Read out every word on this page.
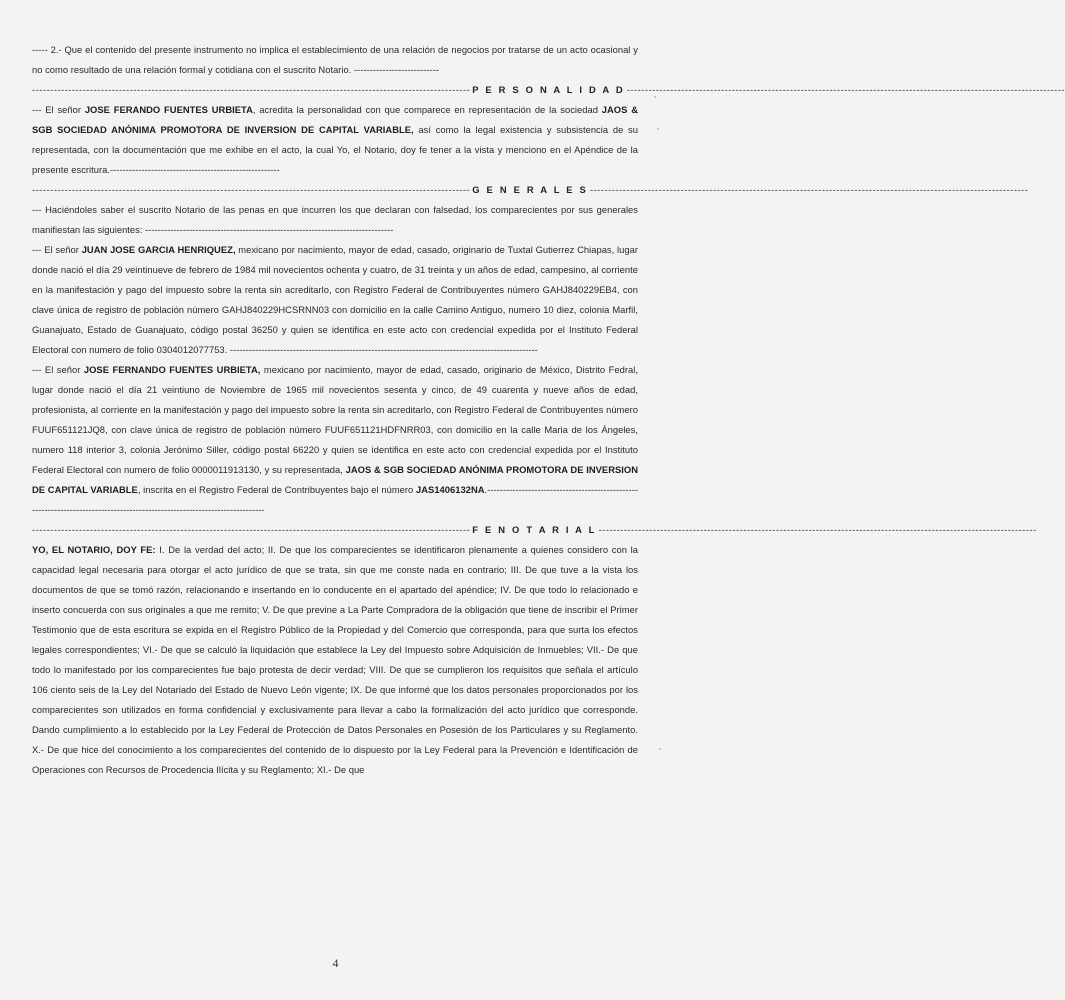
----- 2.- Que el contenido del presente instrumento no implica el establecimiento de una relación de negocios por tratarse de un acto ocasional y no como resultado de una relación formal y cotidiana con el suscrito Notario. ---------------------------

------------------------------------------------------------------------------------------------------------------------- P E R S O N A L I D A D -------------------------------------------------------------------------------------------------------------------------

--- El señor JOSE FERANDO FUENTES URBIETA, acredita la personalidad con que comparece en representación de la sociedad JAOS & SGB SOCIEDAD ANÓNIMA PROMOTORA DE INVERSION DE CAPITAL VARIABLE, así como la legal existencia y subsistencia de su representada, con la documentación que me exhibe en el acto, la cual Yo, el Notario, doy fe tener a la vista y menciono en el Apéndice de la presente escritura.------------------------------------------------------

------------------------------------------------------------------------------------------------------------------------- G E N E R A L E S -------------------------------------------------------------------------------------------------------------------------

--- Haciéndoles saber el suscrito Notario de las penas en que incurren los que declaran con falsedad, los comparecientes por sus generales manifiestan las siguientes: -------------------------------------------------------------------------------

--- El señor JUAN JOSE GARCIA HENRIQUEZ, mexicano por nacimiento, mayor de edad, casado, originario de Tuxtal Gutierrez Chiapas, lugar donde nació el día 29 veintinueve de febrero de 1984 mil novecientos ochenta y cuatro, de 31 treinta y un años de edad, campesino, al corriente en la manifestación y pago del impuesto sobre la renta sin acreditarlo, con Registro Federal de Contribuyentes número GAHJ840229EB4, con clave única de registro de población número GAHJ840229HCSRNN03 con domicilio en la calle Camino Antiguo, numero 10 diez, colonia Marfil, Guanajuato, Estado de Guanajuato, código postal 36250 y quien se identifica en este acto con credencial expedida por el Instituto Federal Electoral con numero de folio 0304012077753. --------------------------------------------------------------------------------------------------

--- El señor JOSE FERNANDO FUENTES URBIETA, mexicano por nacimiento, mayor de edad, casado, originario de México, Distrito Fedral, lugar donde nació el día 21 veintiuno de Noviembre de 1965 mil novecientos sesenta y cinco, de 49 cuarenta y nueve años de edad, profesionista, al corriente en la manifestación y pago del impuesto sobre la renta sin acreditarlo, con Registro Federal de Contribuyentes número FUUF651121JQ8, con clave única de registro de población número FUUF651121HDFNRR03, con domicilio en la calle Maria de los Ángeles, numero 118 interior 3, colonia Jerónimo Siller, código postal 66220 y quien se identifica en este acto con credencial expedida por el Instituto Federal Electoral con numero de folio 0000011913130, y su representada, JAOS & SGB SOCIEDAD ANÓNIMA PROMOTORA DE INVERSION DE CAPITAL VARIABLE, inscrita en el Registro Federal de Contribuyentes bajo el número JAS1406132NA.--------------------------------------------------------------------------------------------------------------------------

------------------------------------------------------------------------------------------------------------------------- F E N O T A R I A L -------------------------------------------------------------------------------------------------------------------------

YO, EL NOTARIO, DOY FE: I. De la verdad del acto; II. De que los comparecientes se identificaron plenamente a quienes considero con la capacidad legal necesaria para otorgar el acto jurídico de que se trata, sin que me conste nada en contrario; III. De que tuve a la vista los documentos de que se tomó razón, relacionando e insertando en lo conducente en el apartado del apéndice; IV. De que todo lo relacionado e inserto concuerda con sus originales a que me remito; V. De que previne a La Parte Compradora de la obligación que tiene de inscribir el Primer Testimonio que de esta escritura se expida en el Registro Público de la Propiedad y del Comercio que corresponda, para que surta los efectos legales correspondientes; VI.- De que se calculó la liquidación que establece la Ley del Impuesto sobre Adquisición de Inmuebles; VII.- De que todo lo manifestado por los comparecientes fue bajo protesta de decir verdad; VIII. De que se cumplieron los requisitos que señala el artículo 106 ciento seis de la Ley del Notariado del Estado de Nuevo León vigente; IX. De que informé que los datos personales proporcionados por los comparecientes son utilizados en forma confidencial y exclusivamente para llevar a cabo la formalización del acto jurídico que corresponde. Dando cumplimiento a lo establecido por la Ley Federal de Protección de Datos Personales en Posesión de los Particulares y su Reglamento. X.- De que hice del conocimiento a los comparecientes del contenido de lo dispuesto por la Ley Federal para la Prevención e Identificación de Operaciones con Recursos de Procedencia Ilícita y su Reglamento; XI.- De que

4
